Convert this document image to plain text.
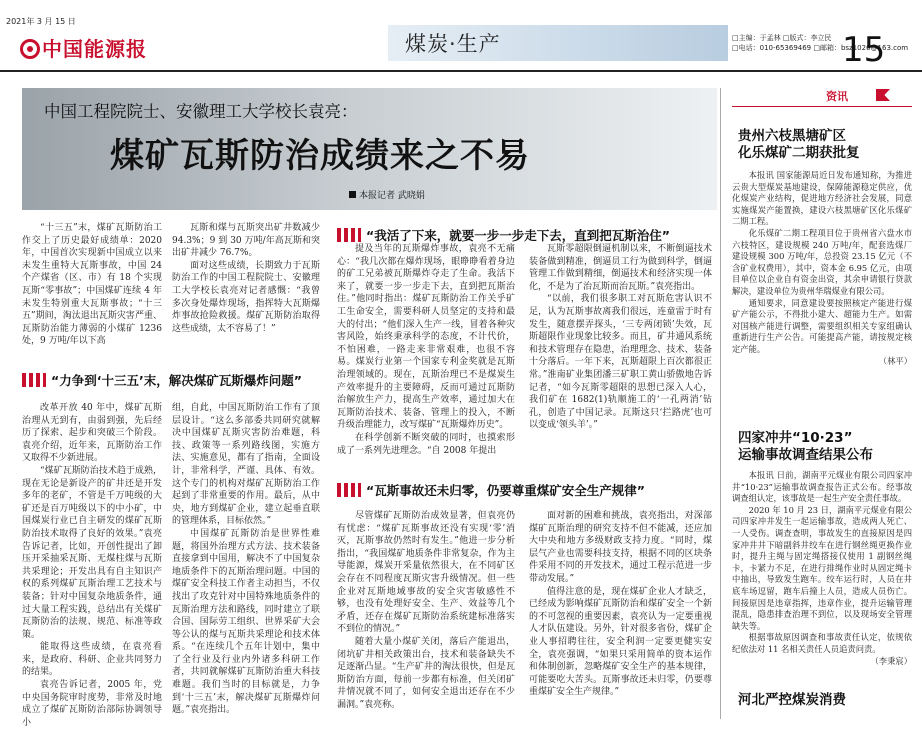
2021年 3 月 15 日
中国能源报	煤炭·生产	□主编：于孟林 □版式：李立民
□电话：010-65369469 □邮箱：bsz1020@163.com
15
中国工程院院士、安徽理工大学校长袁亮：
煤矿瓦斯防治成绩来之不易
本报记者 武晓娟

“十三五”末，煤矿瓦斯防治工作交上了历史最好成绩单：2020年，中国首次实现新中国成立以来未发生重特大瓦斯事故，中国 24 个产煤省（区、市）有 18 个实现瓦斯“零事故”；中国煤矿连续 4 年未发生特别重大瓦斯事故；“十三五”期间，淘汰退出瓦斯灾害严重、瓦斯防治能力薄弱的小煤矿 1236 处，9 万吨/年以下高

瓦斯和煤与瓦斯突出矿井数减少 94.3%；9 到 30 万吨/年高瓦斯和突出矿井减少 76.7%。

面对这些成绩，长期致力于瓦斯防治工作的中国工程院院士、安徽理工大学校长袁亮对记者感慨：“我曾多次身处爆炸现场，指挥特大瓦斯爆炸事故抢险救援。煤矿瓦斯防治取得这些成绩，太不容易了！”

“我活了下来，就要一步一步走下去，直到把瓦斯治住”

提及当年的瓦斯爆炸事故，袁亮不无痛心：“我几次都在爆炸现场，眼睁睁看着身边的矿工兄弟被瓦斯爆炸夺走了生命。我活下来了，就要一步一步走下去，直到把瓦斯治住。”他同时指出：煤矿瓦斯防治工作关乎矿工生命安全，需要科研人员坚定的支持和最大的付出；“他们深入生产一线，冒着各种灾害风险，始终秉承科学的态度，不计代价，不怕困难，一路走来非常艰难，也很不容易。煤炭行业第一个国家专利金奖就是瓦斯治理领域的。现在，瓦斯治理已不是煤炭生产效率提升的主要障碍，反而可通过瓦斯防治解放生产力，提高生产效率，通过加大在瓦斯防治技术、装备、管理上的投入，不断升级治理能力，改写煤矿“瓦斯爆炸历史”。

在科学创新不断突破的同时，也摸索形成了一系列先进理念。“自 2008 年提出

瓦斯零超限倒逼机制以来，不断倒逼技术装备做到精准，倒逼员工行为做到科学，倒逼管理工作做到精细，倒逼技术和经济实现一体化，不是为了治瓦斯而治瓦斯。”袁亮指出。

“以前，我们很多职工对瓦斯危害认识不足，认为瓦斯事故离我们很远，连童雷于时有发生，随意摆弄探头，‘三专两闭锁’失效，瓦斯超限作业现象比较多。而且，矿井通风系统和技术管理存在隐患，治理理念、技术、装备十分落后。一年下来，瓦斯超限上百次都很正常。”淮南矿业集团潘三矿职工黄山骄傲地告诉记者，“如今瓦斯零超限的思想已深入人心，我们矿在 1682(1)轨顺施工的‘一孔两消’钻孔，创造了中国记录。瓦斯这只‘拦路虎’也可以变成‘领头羊’。”

“力争到‘十三五’末，解决煤矿瓦斯爆炸问题”

改革开放 40 年中，煤矿瓦斯治理从无到有，由弱到强，先后经历了探索、起步和突破三个阶段。袁亮介绍，近年来，瓦斯防治工作又取得不少新进展。

“煤矿瓦斯防治技术趋于成熟，现在无论是新设产的矿井还是开发多年的老矿，不管是千万吨级的大矿还是百万吨级以下的中小矿，中国煤炭行业已自主研发的煤矿瓦斯防治技术取得了良好的效果。”袁亮告诉记者，比如，开创性提出了卸压开采抽采瓦斯、无煤柱煤与瓦斯共采理论；开发出具有自主知识产权的系列煤矿瓦斯治理工艺技术与装备；针对中国复杂地质条件，通过大量工程实践，总结出有关煤矿瓦斯防治的法规、规范、标准等政策。

能取得这些成绩，在袁亮看来，是政府、科研、企业共同努力的结果。

袁亮告诉记者，2005 年，党中央国务院审时度势，非常及时地成立了煤矿瓦斯防治部际协调领导小

组，自此，中国瓦斯防治工作有了顶层设计。“这么多部委共同研究就解决中国煤矿瓦斯灾害防治难题，科技、政策等一系列路线图，实施方法、实施意见，都有了指南，全面设计，非常科学，严谨、具体、有效。这个专门的机构对煤矿瓦斯防治工作起到了非常重要的作用。最后，从中央，地方到煤矿企业，建立起垂直联的管理体系，目标依然。”

中国煤矿瓦斯防治是世界性难题，将国外治理方式方法、技术装备直接拿到中国用，解决不了中国复杂地质条件下的瓦斯治理问题。中国的煤矿安全科技工作者主动担当，不仅找出了攻克针对中国特殊地质条件的瓦斯治理方法和路线，同时建立了联合国、国际劳工组织、世界采矿大会等公认的煤与瓦斯共采理论和技术体系。“在连续几个五年计划中，集中了全行业及行业内外诸多科研工作者，共同就解煤矿瓦斯防治重大科技难题。我们当时的目标就是，力争到‘十三五’末，解决煤矿瓦斯爆炸问题。”袁亮指出。

“瓦斯事故还未归零，仍要尊重煤矿安全生产规律”

尽管煤矿瓦斯防治成效显著，但袁亮仍有忧虑：“煤矿瓦斯事故还没有实现‘零’消灭，瓦斯事故仍然时有发生。”他进一步分析指出，“我国煤矿地质条件非常复杂，作为主导能源，煤炭开采量依然很大，在不同矿区会存在不同程度瓦斯灾害升级情况。但一些企业对瓦斯地域事故的安全灾害敏感性不够，也没有处理好安全、生产、效益等几个矛盾，还存在煤矿瓦斯防治系统建标准落实不到位的情况。”

随着大量小煤矿关闭，落后产能退出，闭坑矿井相关政策出台，技术和装备缺失不足逐渐凸显。“生产矿井的淘汰很快，但是瓦斯防治方面，每前一步都有标准，但关闭矿井情况就不同了，如何安全退出还存在不少漏洞。”袁亮称。

面对新的困难和挑战，袁亮指出，对深部煤矿瓦斯治理的研究支持不但不能减，还应加大中央和地方多级财政支持力度。“同时，煤层气产业也需要科技支持，根据不同的区块条件采用不同的开发技术，通过工程示范进一步带动发展。”

值得注意的是，现在煤矿企业人才缺乏，已经成为影响煤矿瓦斯防治和煤矿安全一个新的不可忽视的重要因素，袁亮认为一定要重视人才队伍建设。另外，针对很多省份，煤矿企业人事招聘往往，安全利润一定要更健实安全，袁亮强调，“如果只采用简单的资本运作和体制创新，忽略煤矿安全生产的基本规律，可能要吃大苦头。瓦斯事故还未归零，仍要尊重煤矿安全生产规律。”

资讯
贵州六枝黑塘矿区
化乐煤矿二期获批复

本报讯 国家能源局近日发布通知称，为推进云贵大型煤炭基地建设，保障能源稳定供应，优化煤炭产业结构，促进地方经济社会发展，同意实施煤炭产能置换，建设六枝黑塘矿区化乐煤矿二期工程。

化乐煤矿二期工程项目位于贵州省六盘水市六枝特区，建设规模 240 万吨/年，配套选煤厂建设规模 300 万吨/年，总投资 23.15 亿元（不含矿业权费用），其中，资本金 6.95 亿元，由项目单位以企业自有资金出资，其余申请银行贷款解决，建设单位为贵州华瑞煤业有限公司。

通知要求，同意建设要按照核定产能进行煤矿产能公示，不得批小建大、超能力生产。如需对国核产能进行调整，需要组织相关专家组确认重新进行生产公告。可能提高产能，请按规定核定产能。

（林平）
四家冲井“10·23”
运输事故调查结果公布

本报讯 日前，湖南平元煤业有限公司四家冲井“10·23”运输事故调查报告正式公布。经事故调查组认定，该事故是一起生产安全责任事故。

2020 年 10 月 23 日，湖南平元煤业有限公司四家冲井发生一起运输事故，造成两人死亡、一人受伤。调查查明，事故发生的直接原因是四家冲井井下暗副斜井绞车在进行钢丝绳更换作业时，提升主绳与固定绳搭接仅使用 1 副钢丝绳卡，卡紧力不足，在进行排绳作业时从固定绳卡中抽出，导致发生跑车。绞车运行时，人员在井底车场逗留，跑车后撞上人员，造成人员伤亡。间接原因是违章指挥，违章作业，提升运输管理混乱，隐患排查治理不到位，以及现场安全管理缺失等。

根据事故原因调查和事故责任认定，依规依纪依法对 11 名相关责任人员追责问责。

（李秉宸）
河北严控煤炭消费
